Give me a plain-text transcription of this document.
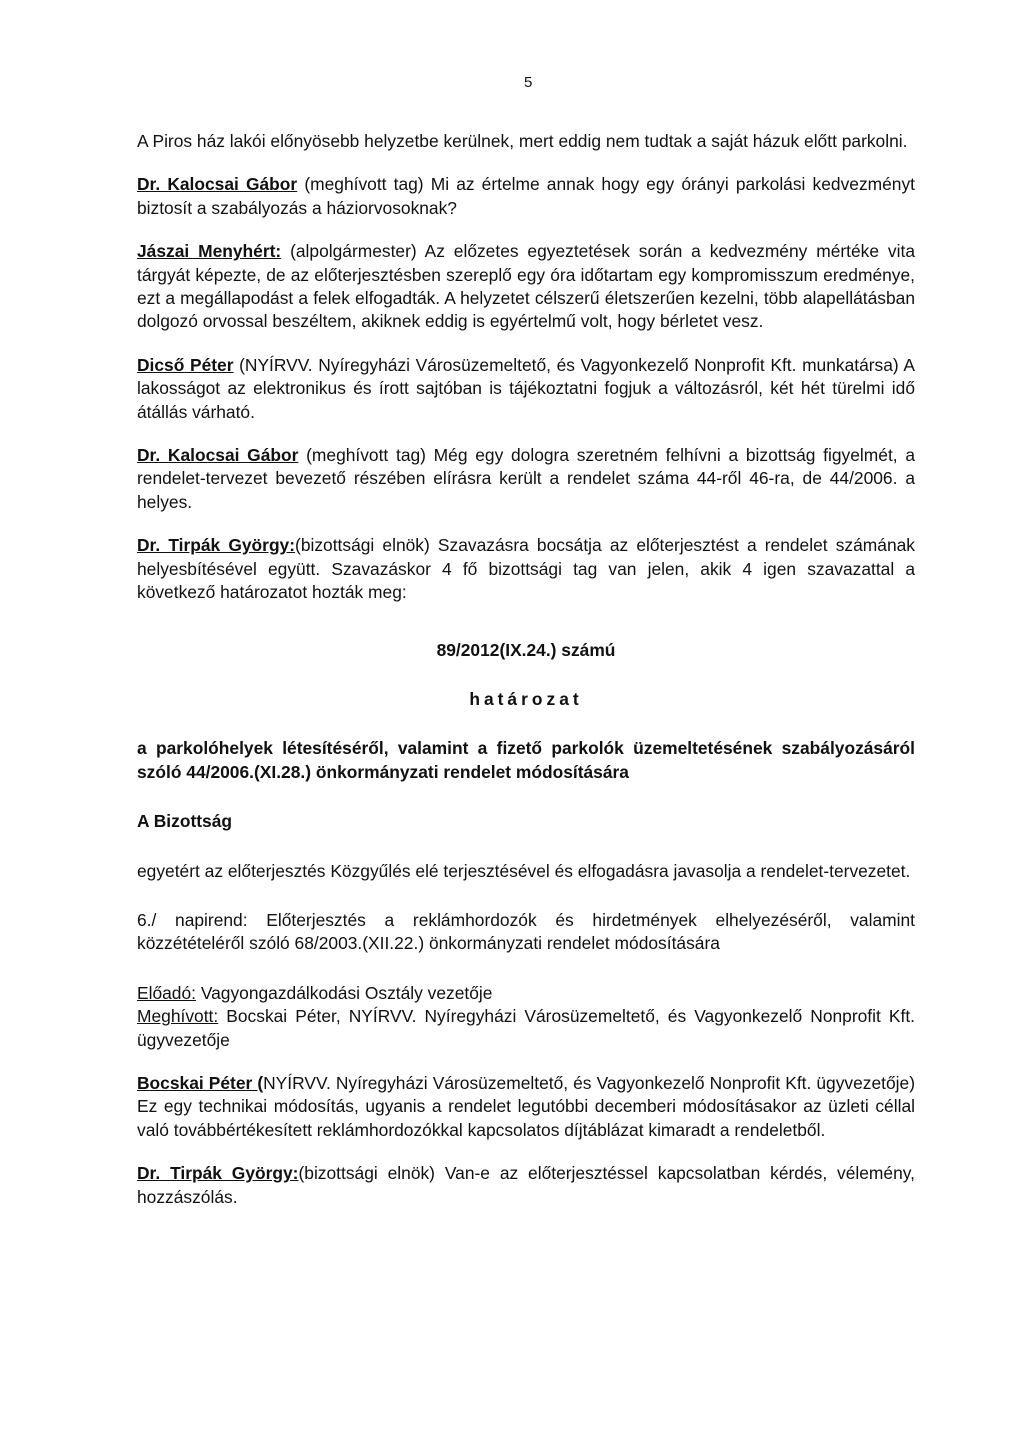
5

A Piros ház lakói előnyösebb helyzetbe kerülnek, mert eddig nem tudtak a saját házuk előtt parkolni.

Dr. Kalocsai Gábor (meghívott tag) Mi az értelme annak hogy egy órányi parkolási kedvezményt biztosít a szabályozás a háziorvosoknak?

Jászai Menyhért: (alpolgármester) Az előzetes egyeztetések során a kedvezmény mértéke vita tárgyát képezte, de az előterjesztésben szereplő egy óra időtartam egy kompromisszum eredménye, ezt a megállapodást a felek elfogadták. A helyzetet célszerű életszerűen kezelni, több alapellátásban dolgozó orvossal beszéltem, akiknek eddig is egyértelmű volt, hogy bérletet vesz.

Dicső Péter (NYÍRVV. Nyíregyházi Városüzemeltető, és Vagyonkezelő Nonprofit Kft. munkatársa) A lakosságot az elektronikus és írott sajtóban is tájékoztatni fogjuk a változásról, két hét türelmi idő átállás várható.

Dr. Kalocsai Gábor (meghívott tag) Még egy dologra szeretném felhívni a bizottság figyelmét, a rendelet-tervezet bevezető részében elírásra került a rendelet száma 44-ről 46-ra, de 44/2006. a helyes.

Dr. Tirpák György:(bizottsági elnök) Szavazásra bocsátja az előterjesztést a rendelet számának helyesbítésével együtt. Szavazáskor 4 fő bizottsági tag van jelen, akik 4 igen szavazattal a következő határozatot hozták meg:

89/2012(IX.24.) számú

határozat

a parkolóhelyek létesítéséről, valamint a fizető parkolók üzemeltetésének szabályozásáról szóló 44/2006.(XI.28.) önkormányzati rendelet módosítására

A Bizottság

egyetért az előterjesztés Közgyűlés elé terjesztésével és elfogadásra javasolja a rendelet-tervezetet.

6./ napirend: Előterjesztés a reklámhordozók és hirdetmények elhelyezéséről, valamint közzétételéről szóló 68/2003.(XII.22.) önkormányzati rendelet módosítására

Előadó: Vagyongazdálkodási Osztály vezetője
Meghívott: Bocskai Péter, NYÍRVV. Nyíregyházi Városüzemeltető, és Vagyonkezelő Nonprofit Kft. ügyvezetője

Bocskai Péter (NYÍRVV. Nyíregyházi Városüzemeltető, és Vagyonkezelő Nonprofit Kft. ügyvezetője) Ez egy technikai módosítás, ugyanis a rendelet legutóbbi decemberi módosításakor az üzleti céllal való továbbértékesített reklámhordozókkal kapcsolatos díjtáblázat kimaradt a rendeletből.

Dr. Tirpák György:(bizottsági elnök) Van-e az előterjesztéssel kapcsolatban kérdés, vélemény, hozzászólás.
